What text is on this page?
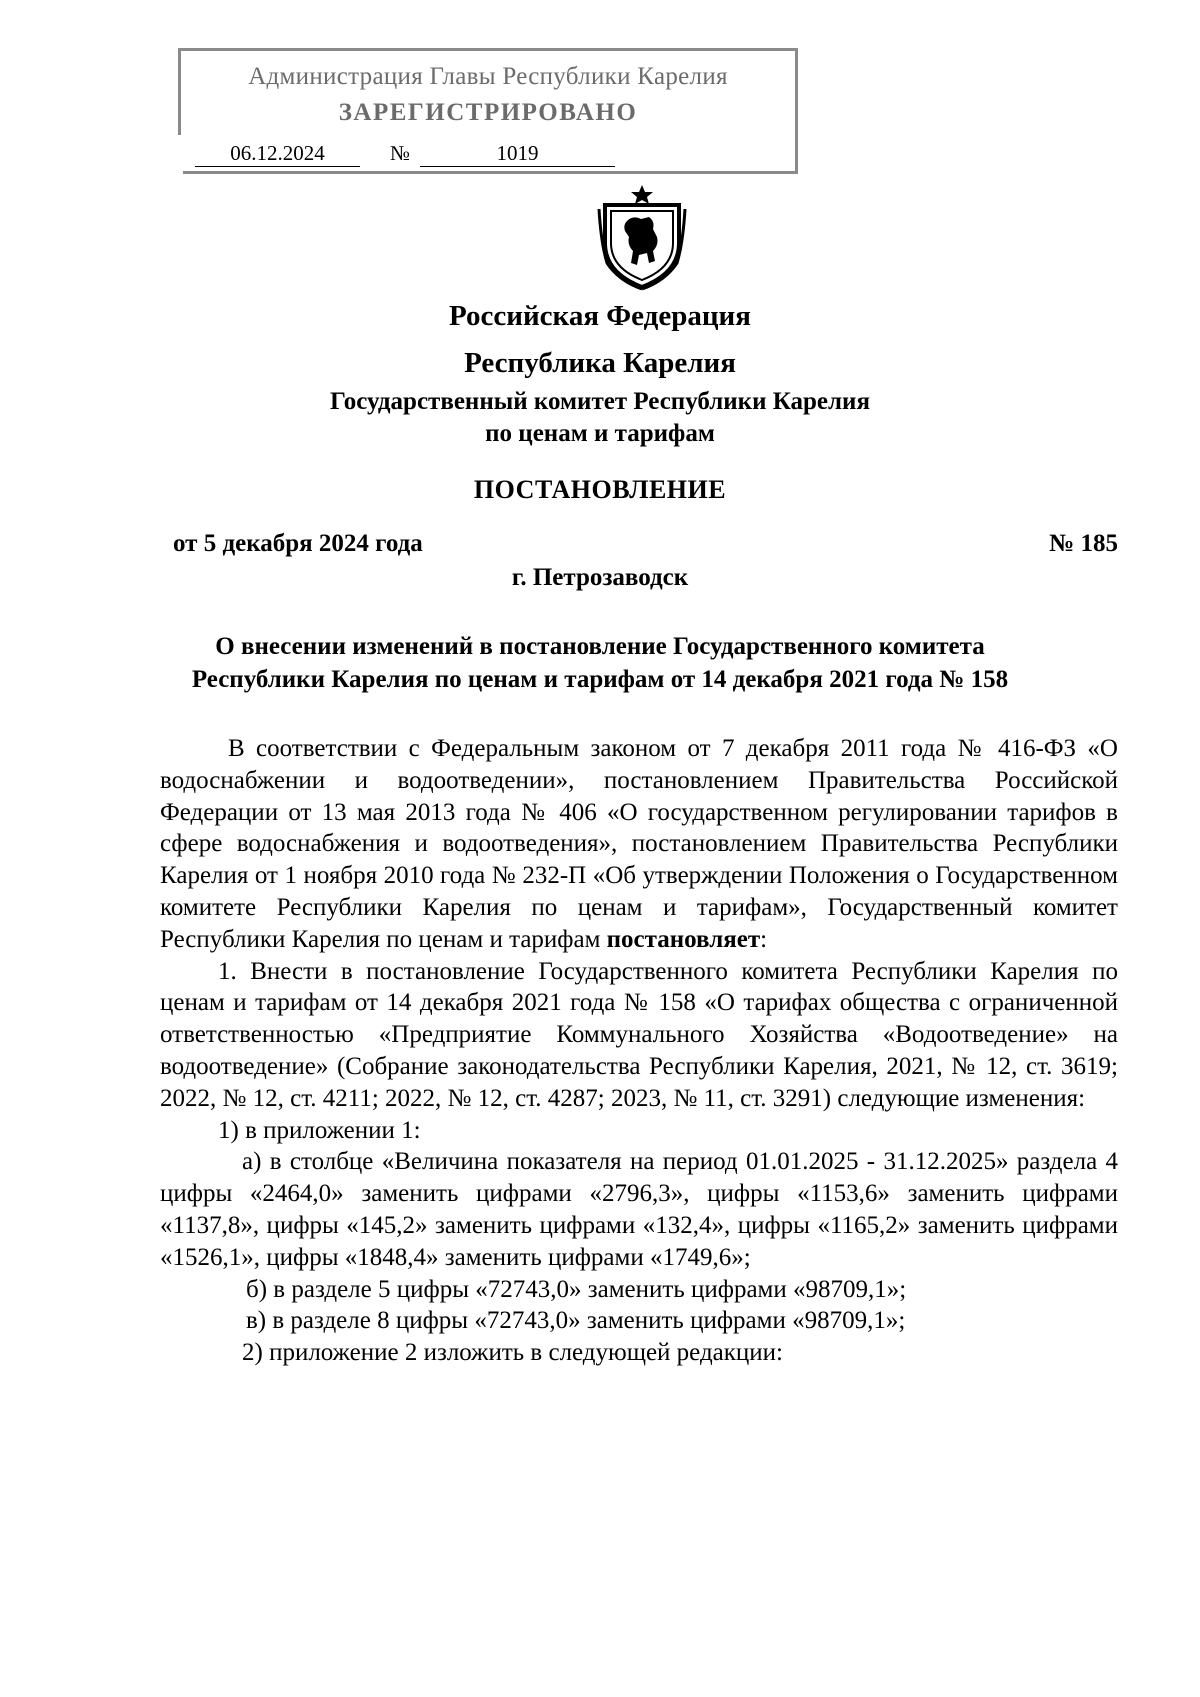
Администрация Главы Республики Карелия
ЗАРЕГИСТРИРОВАНО
06.12.2024	№	1019
Российская Федерация
Республика Карелия
Государственный комитет Республики Карелия
по ценам и тарифам
ПОСТАНОВЛЕНИЕ
от 5 декабря 2024 года	№ 185
г. Петрозаводск
О внесении изменений в постановление Государственного комитета
Республики Карелия по ценам и тарифам от 14 декабря 2021 года № 158

В соответствии с Федеральным законом от 7 декабря 2011 года № 416-ФЗ «О водоснабжении и водоотведении», постановлением Правительства Российской Федерации от 13 мая 2013 года № 406 «О государственном регулировании тарифов в сфере водоснабжения и водоотведения», постановлением Правительства Республики Карелия от 1 ноября 2010 года № 232-П «Об утверждении Положения о Государственном комитете Республики Карелия по ценам и тарифам», Государственный комитет Республики Карелия по ценам и тарифам постановляет:

1. Внести в постановление Государственного комитета Республики Карелия по ценам и тарифам от 14 декабря 2021 года № 158 «О тарифах общества с ограниченной ответственностью «Предприятие Коммунального Хозяйства «Водоотведение» на водоотведение» (Собрание законодательства Республики Карелия, 2021, № 12, ст. 3619; 2022, № 12, ст. 4211; 2022, № 12, ст. 4287; 2023, № 11, ст. 3291) следующие изменения:

1) в приложении 1:

а) в столбце «Величина показателя на период 01.01.2025 - 31.12.2025» раздела 4 цифры «2464,0» заменить цифрами «2796,3», цифры «1153,6» заменить цифрами «1137,8», цифры «145,2» заменить цифрами «132,4», цифры «1165,2» заменить цифрами «1526,1», цифры «1848,4» заменить цифрами «1749,6»;

б) в разделе 5 цифры «72743,0» заменить цифрами «98709,1»;

в) в разделе 8 цифры «72743,0» заменить цифрами «98709,1»;

2) приложение 2 изложить в следующей редакции:
